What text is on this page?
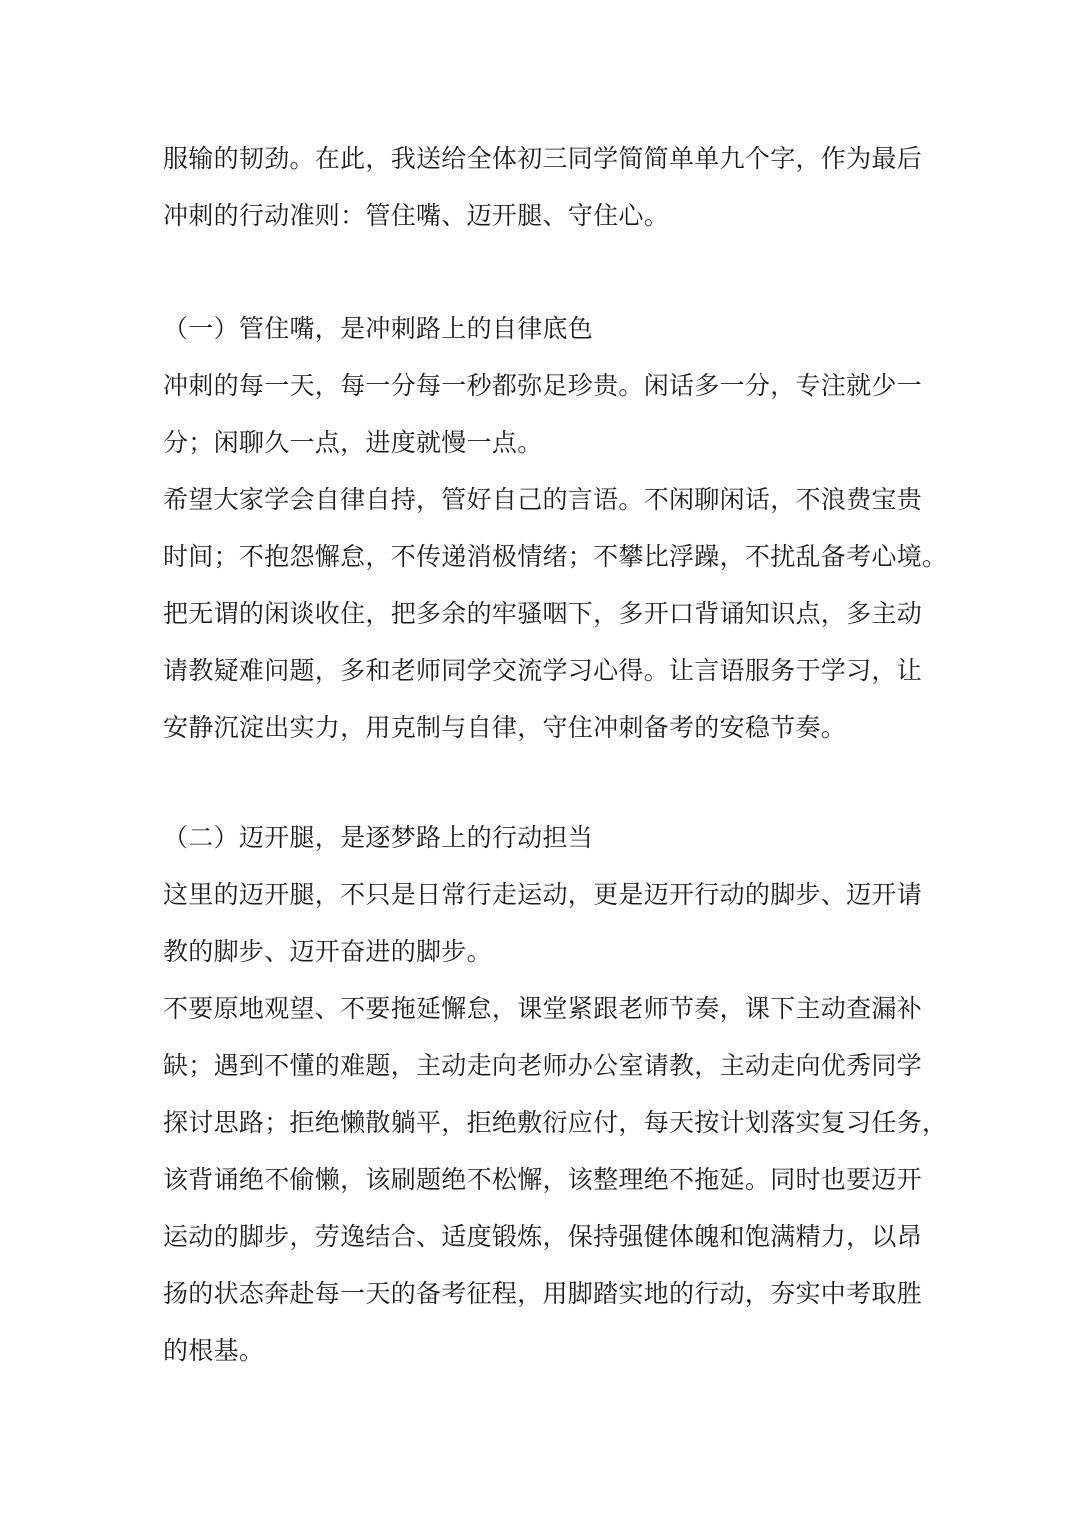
服输的韧劲。在此，我送给全体初三同学简简单单九个字，作为最后
冲刺的行动准则：管住嘴、迈开腿、守住心。
（一）管住嘴，是冲刺路上的自律底色
冲刺的每一天，每一分每一秒都弥足珍贵。闲话多一分，专注就少一
分；闲聊久一点，进度就慢一点。
希望大家学会自律自持，管好自己的言语。不闲聊闲话，不浪费宝贵
时间；不抱怨懈怠，不传递消极情绪；不攀比浮躁，不扰乱备考心境。
把无谓的闲谈收住，把多余的牢骚咽下，多开口背诵知识点，多主动
请教疑难问题，多和老师同学交流学习心得。让言语服务于学习，让
安静沉淀出实力，用克制与自律，守住冲刺备考的安稳节奏。
（二）迈开腿，是逐梦路上的行动担当
这里的迈开腿，不只是日常行走运动，更是迈开行动的脚步、迈开请
教的脚步、迈开奋进的脚步。
不要原地观望、不要拖延懈怠，课堂紧跟老师节奏，课下主动查漏补
缺；遇到不懂的难题，主动走向老师办公室请教，主动走向优秀同学
探讨思路；拒绝懒散躺平，拒绝敷衍应付，每天按计划落实复习任务，
该背诵绝不偷懒，该刷题绝不松懈，该整理绝不拖延。同时也要迈开
运动的脚步，劳逸结合、适度锻炼，保持强健体魄和饱满精力，以昂
扬的状态奔赴每一天的备考征程，用脚踏实地的行动，夯实中考取胜
的根基。
